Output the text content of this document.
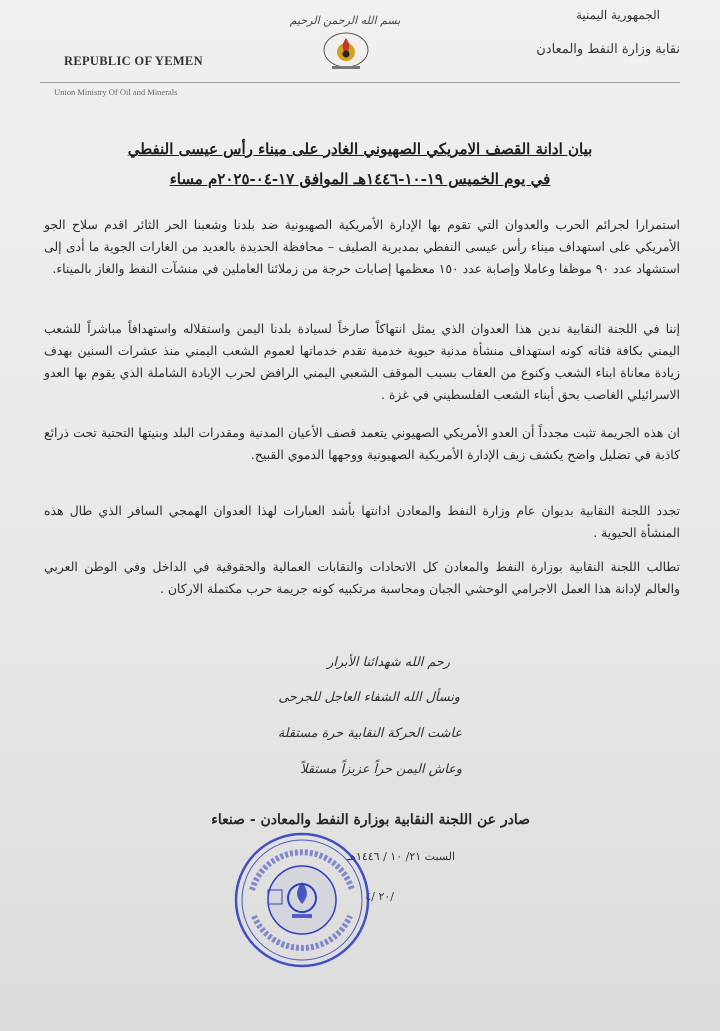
الجمهورية اليمنية
نقابة وزارة النفط والمعادن
بسم الله الرحمن الرحيم
REPUBLIC OF YEMEN
Union Ministry Of Oil and Minerals
بيان ادانة القصف الامريكي الصهيوني الغادر على ميناء رأس عيسى النفطي
في يوم الخميس ١٩-١٠-١٤٤٦هـ الموافق ١٧-٠٤-٢٠٢٥م مساء
استمرارا لجرائم الحرب والعدوان التي تقوم بها الإدارة الأمريكية الصهيونية ضد بلدنا وشعبنا الحر الثائر اقدم سلاح الجو الأمريكي على استهداف ميناء رأس عيسى النفطي بمديرية الصليف – محافظة الحديدة بالعديد من الغارات الجوية ما أدى إلى استشهاد عدد ٩٠ موظفا وعاملا وإصابة عدد ١٥٠ معظمها إصابات حرجة من زملائنا العاملين في منشآت النفط والغاز بالميناء.
إننا في اللجنة النقابية ندين هذا العدوان الذي يمثل انتهاكاً صارخاً لسيادة بلدنا اليمن واستقلاله واستهدافاً مباشراً للشعب اليمني بكافة فئاته كونه استهداف منشأة مدنية حيوية خدمية تقدم خدماتها لعموم الشعب اليمني منذ عشرات السنين بهدف زيادة معاناة ابناء الشعب وكنوع من العقاب بسبب الموقف الشعبي اليمني الرافض لحرب الإبادة الشاملة الذي يقوم بها العدو الاسرائيلي الغاصب بحق أبناء الشعب الفلسطيني في غزة .
ان هذه الجريمة تثبت مجدداً أن العدو الأمريكي الصهيوني يتعمد قصف الأعيان المدنية ومقدرات البلد وبنيتها التحتية تحت ذرائع كاذبة في تضليل واضح يكشف زيف الإدارة الأمريكية الصهيونية ووجهها الدموي القبيح.
تجدد اللجنة النقابية بديوان عام وزارة النفط والمعادن ادانتها بأشد العبارات لهذا العدوان الهمجي السافر الذي طال هذه المنشأة الحيوية .
تطالب اللجنة النقابية بوزارة النفط والمعادن كل الاتحادات والنقابات العمالية والحقوقية في الداخل وفي الوطن العربي والعالم لإدانة هذا العمل الاجرامي الوحشي الجبان ومحاسبة مرتكبيه كونه جريمة حرب مكتملة الاركان .
رحم الله شهدائنا الأبرار
ونسأل الله الشفاء العاجل للجرحى
عاشت الحركة النقابية حرة مستقلة
وعاش اليمن حراً عزيزاً مستقلاً
صادر عن اللجنة النقابية بوزارة النفط والمعادن - صنعاء
السبت ٢١/ ١٠ / ١٤٤٦هـ
/٢٠ /٤
